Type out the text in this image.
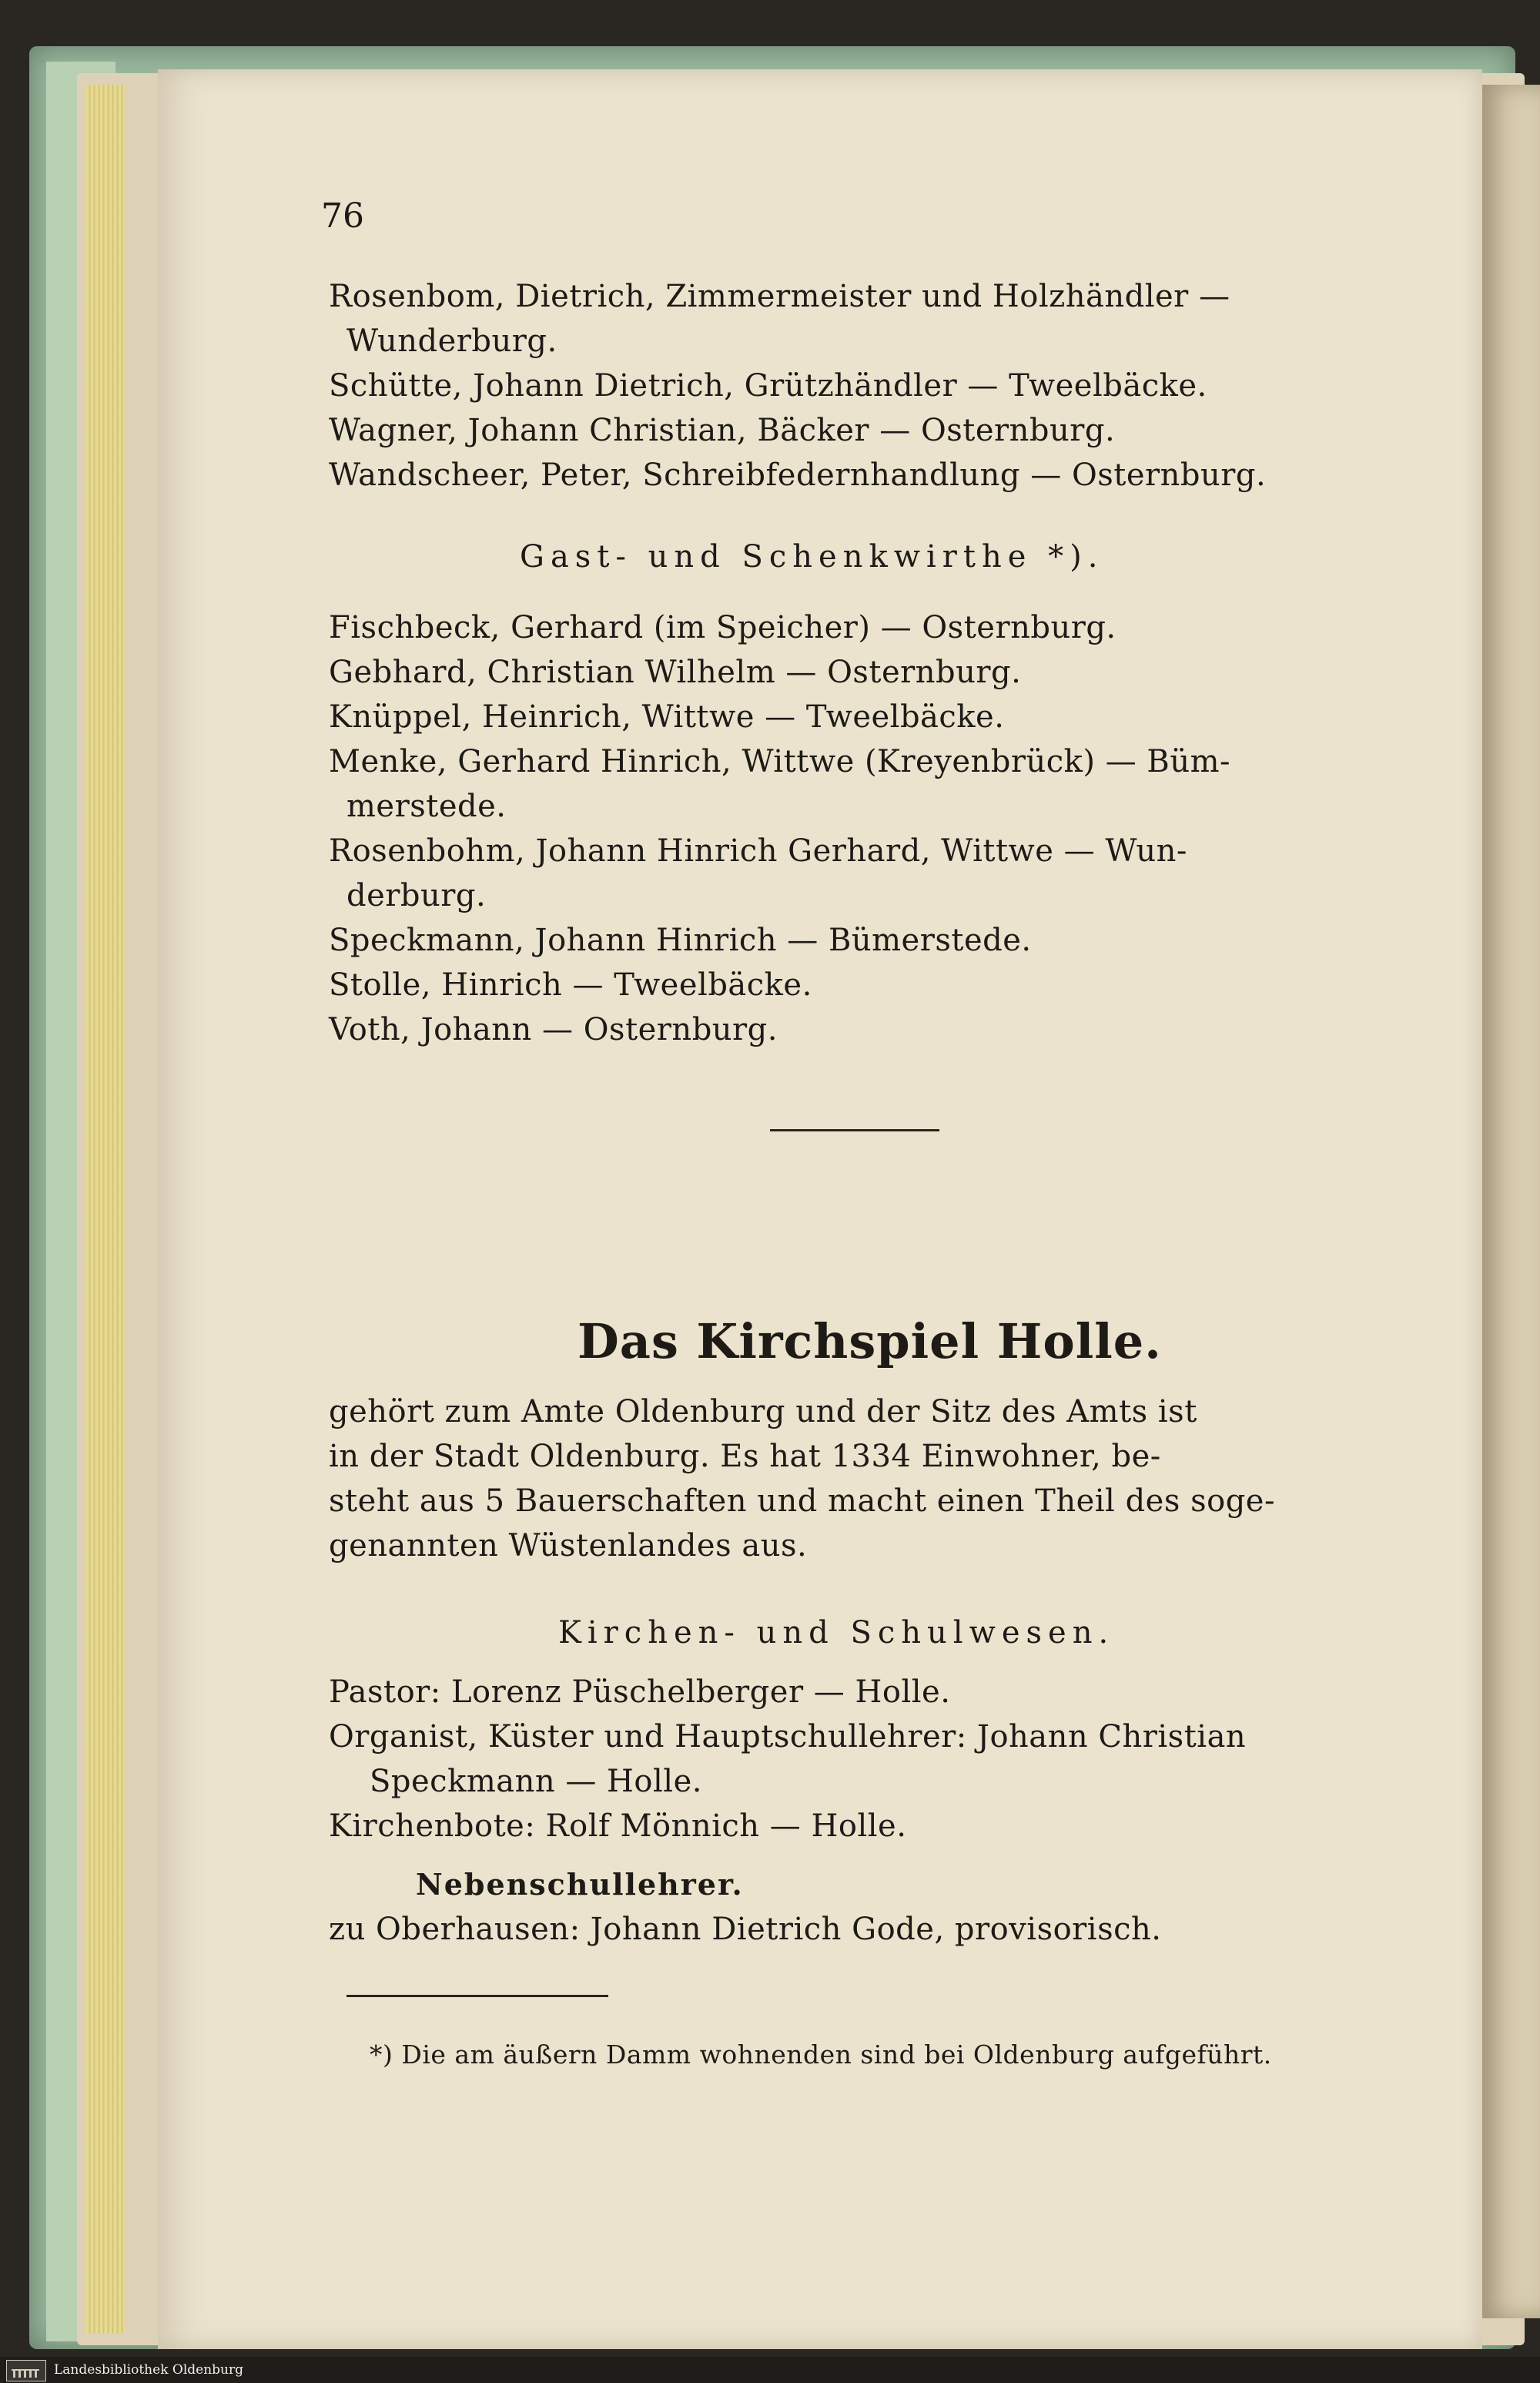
76
Rosenbom, Dietrich, Zimmermeister und Holzhändler —
Wunderburg.
Schütte, Johann Dietrich, Grützhändler — Tweelbäcke.
Wagner, Johann Christian, Bäcker — Osternburg.
Wandscheer, Peter, Schreibfedernhandlung — Osternburg.
Gast- und Schenkwirthe *).
Fischbeck, Gerhard (im Speicher) — Osternburg.
Gebhard, Christian Wilhelm — Osternburg.
Knüppel, Heinrich, Wittwe — Tweelbäcke.
Menke, Gerhard Hinrich, Wittwe (Kreyenbrück) — Büm-
merstede.
Rosenbohm, Johann Hinrich Gerhard, Wittwe — Wun-
derburg.
Speckmann, Johann Hinrich — Bümerstede.
Stolle, Hinrich — Tweelbäcke.
Voth, Johann — Osternburg.
Das Kirchspiel Holle.
gehört zum Amte Oldenburg und der Sitz des Amts ist
in der Stadt Oldenburg. Es hat 1334 Einwohner, be-
steht aus 5 Bauerschaften und macht einen Theil des soge-
genannten Wüstenlandes aus.
Kirchen- und Schulwesen.
Pastor: Lorenz Püschelberger — Holle.
Organist, Küster und Hauptschullehrer: Johann Christian
Speckmann — Holle.
Kirchenbote: Rolf Mönnich — Holle.
Nebenschullehrer.
zu Oberhausen: Johann Dietrich Gode, provisorisch.
*) Die am äußern Damm wohnenden sind bei Oldenburg aufgeführt.
Landesbibliothek Oldenburg
